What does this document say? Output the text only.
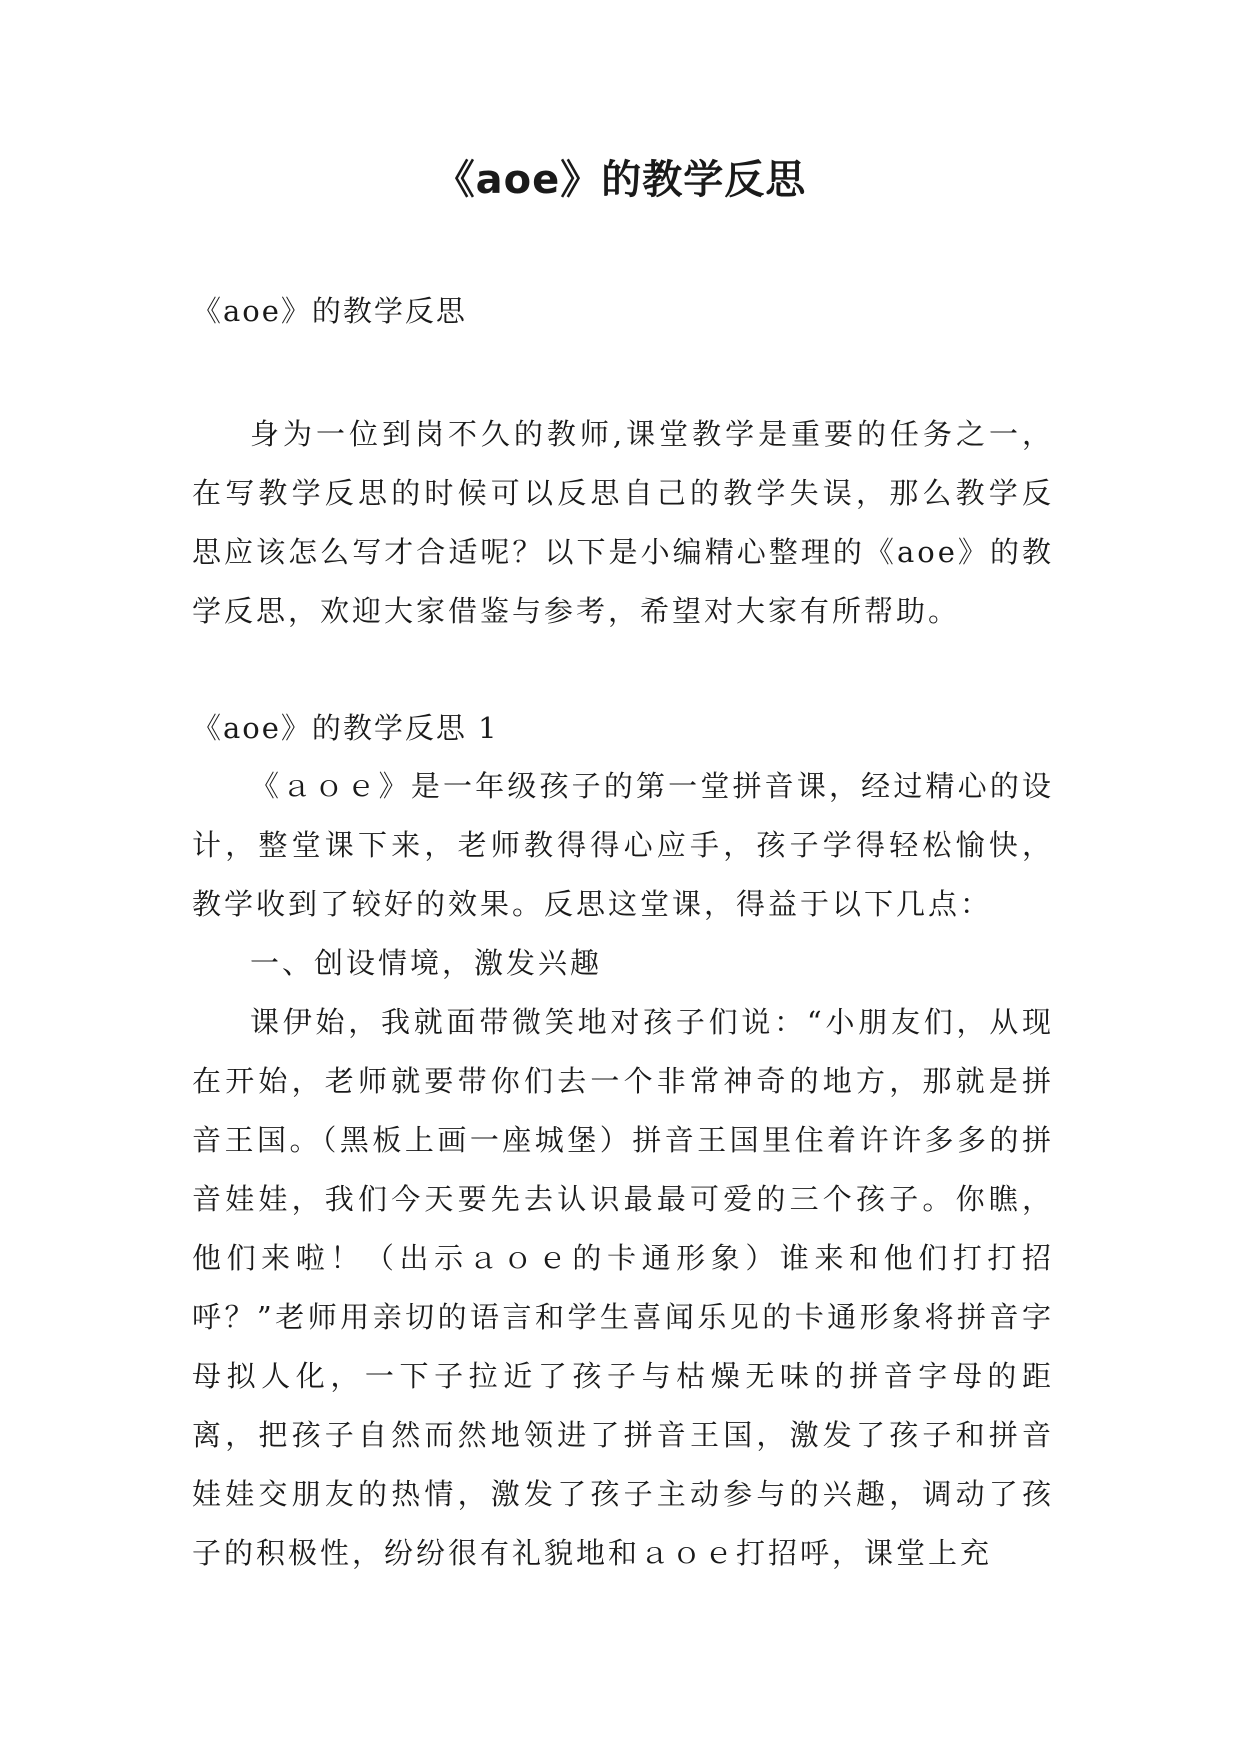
《aoe》的教学反思
《aoe》的教学反思

身为一位到岗不久的教师,课堂教学是重要的任务之一，在写教学反思的时候可以反思自己的教学失误，那么教学反思应该怎么写才合适呢？以下是小编精心整理的《aoe》的教学反思，欢迎大家借鉴与参考，希望对大家有所帮助。

《aoe》的教学反思 1

《ａｏｅ》是一年级孩子的第一堂拼音课，经过精心的设计，整堂课下来，老师教得得心应手，孩子学得轻松愉快，教学收到了较好的效果。反思这堂课，得益于以下几点：

一、创设情境，激发兴趣

课伊始，我就面带微笑地对孩子们说：“小朋友们，从现在开始，老师就要带你们去一个非常神奇的地方，那就是拼音王国。（黑板上画一座城堡）拼音王国里住着许许多多的拼音娃娃，我们今天要先去认识最最可爱的三个孩子。你瞧，他们来啦！（出示ａｏｅ的卡通形象）谁来和他们打打招呼？”老师用亲切的语言和学生喜闻乐见的卡通形象将拼音字母拟人化，一下子拉近了孩子与枯燥无味的拼音字母的距离，把孩子自然而然地领进了拼音王国，激发了孩子和拼音娃娃交朋友的热情，激发了孩子主动参与的兴趣，调动了孩子的积极性，纷纷很有礼貌地和ａｏｅ打招呼，课堂上充
